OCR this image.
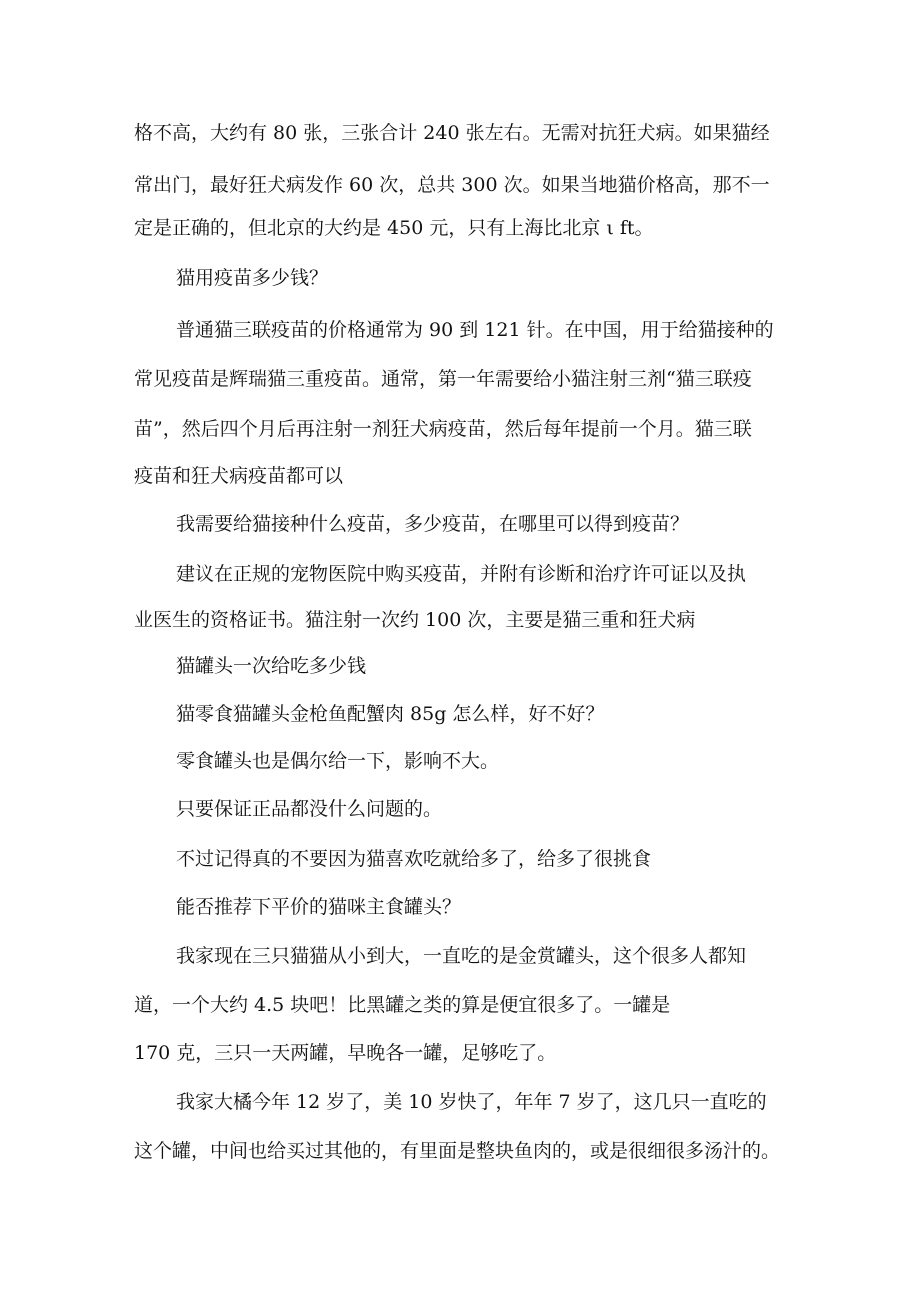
格不高，大约有 80 张，三张合计 240 张左右。无需对抗狂犬病。如果猫经

常出门，最好狂犬病发作 60 次，总共 300 次。如果当地猫价格高，那不一

定是正确的，但北京的大约是 450 元，只有上海比北京 ι ft。

猫用疫苗多少钱？

普通猫三联疫苗的价格通常为 90 到 121 针。在中国，用于给猫接种的

常见疫苗是辉瑞猫三重疫苗。通常，第一年需要给小猫注射三剂“猫三联疫

苗”，然后四个月后再注射一剂狂犬病疫苗，然后每年提前一个月。猫三联

疫苗和狂犬病疫苗都可以

我需要给猫接种什么疫苗，多少疫苗，在哪里可以得到疫苗？

建议在正规的宠物医院中购买疫苗，并附有诊断和治疗许可证以及执

业医生的资格证书。猫注射一次约 100 次，主要是猫三重和狂犬病

猫罐头一次给吃多少钱

猫零食猫罐头金枪鱼配蟹肉 85g 怎么样，好不好？

零食罐头也是偶尔给一下，影响不大。

只要保证正品都没什么问题的。

不过记得真的不要因为猫喜欢吃就给多了，给多了很挑食

能否推荐下平价的猫咪主食罐头？

我家现在三只猫猫从小到大，一直吃的是金赏罐头，这个很多人都知

道，一个大约 4.5 块吧！比黑罐之类的算是便宜很多了。一罐是

170 克，三只一天两罐，早晚各一罐，足够吃了。

我家大橘今年 12 岁了，美 10 岁快了，年年 7 岁了，这几只一直吃的

这个罐，中间也给买过其他的，有里面是整块鱼肉的，或是很细很多汤汁的。
